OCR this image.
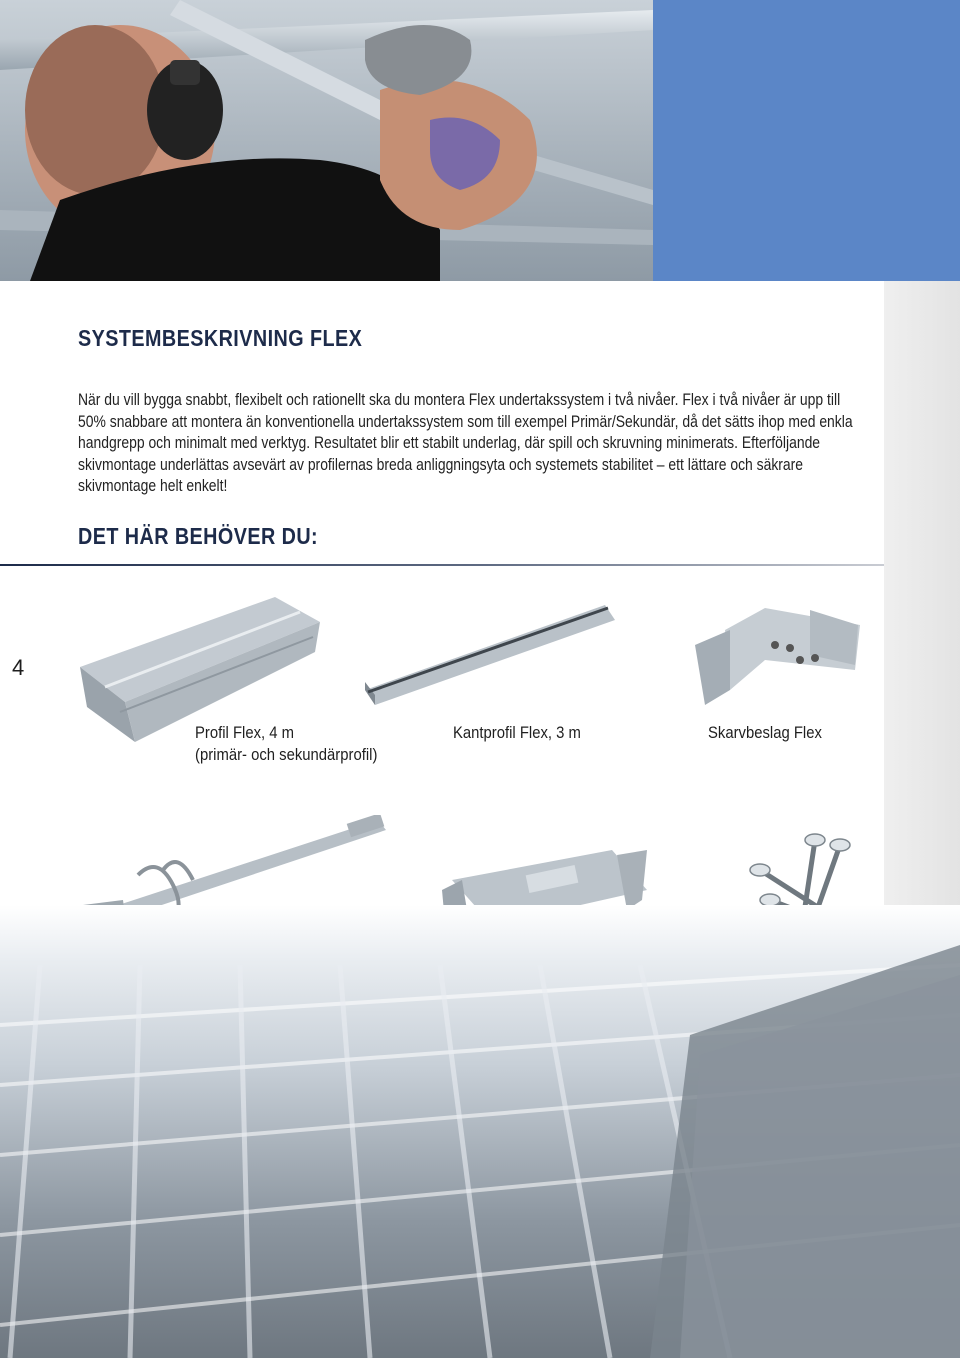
SYSTEMBESKRIVNING FLEX

När du vill bygga snabbt, flexibelt och rationellt ska du montera Flex undertakssystem i två nivåer. Flex i två nivåer är upp till 50% snabbare att montera än konventionella undertakssystem som till exempel Primär/Sekundär, då det sätts ihop med enkla handgrepp och minimalt med verktyg. Resultatet blir ett stabilt underlag, där spill och skruvning minimerats. Efterföljande skivmontage underlättas avsevärt av profilernas breda anliggningsyta och systemets stabilitet – ett lättare och säkrare skivmontage helt enkelt!

DET HÄR BEHÖVER DU:
4
Profil Flex, 4 m
(primär- och sekundärprofil)
Kantprofil Flex, 3 m	Skarvbeslag Flex
